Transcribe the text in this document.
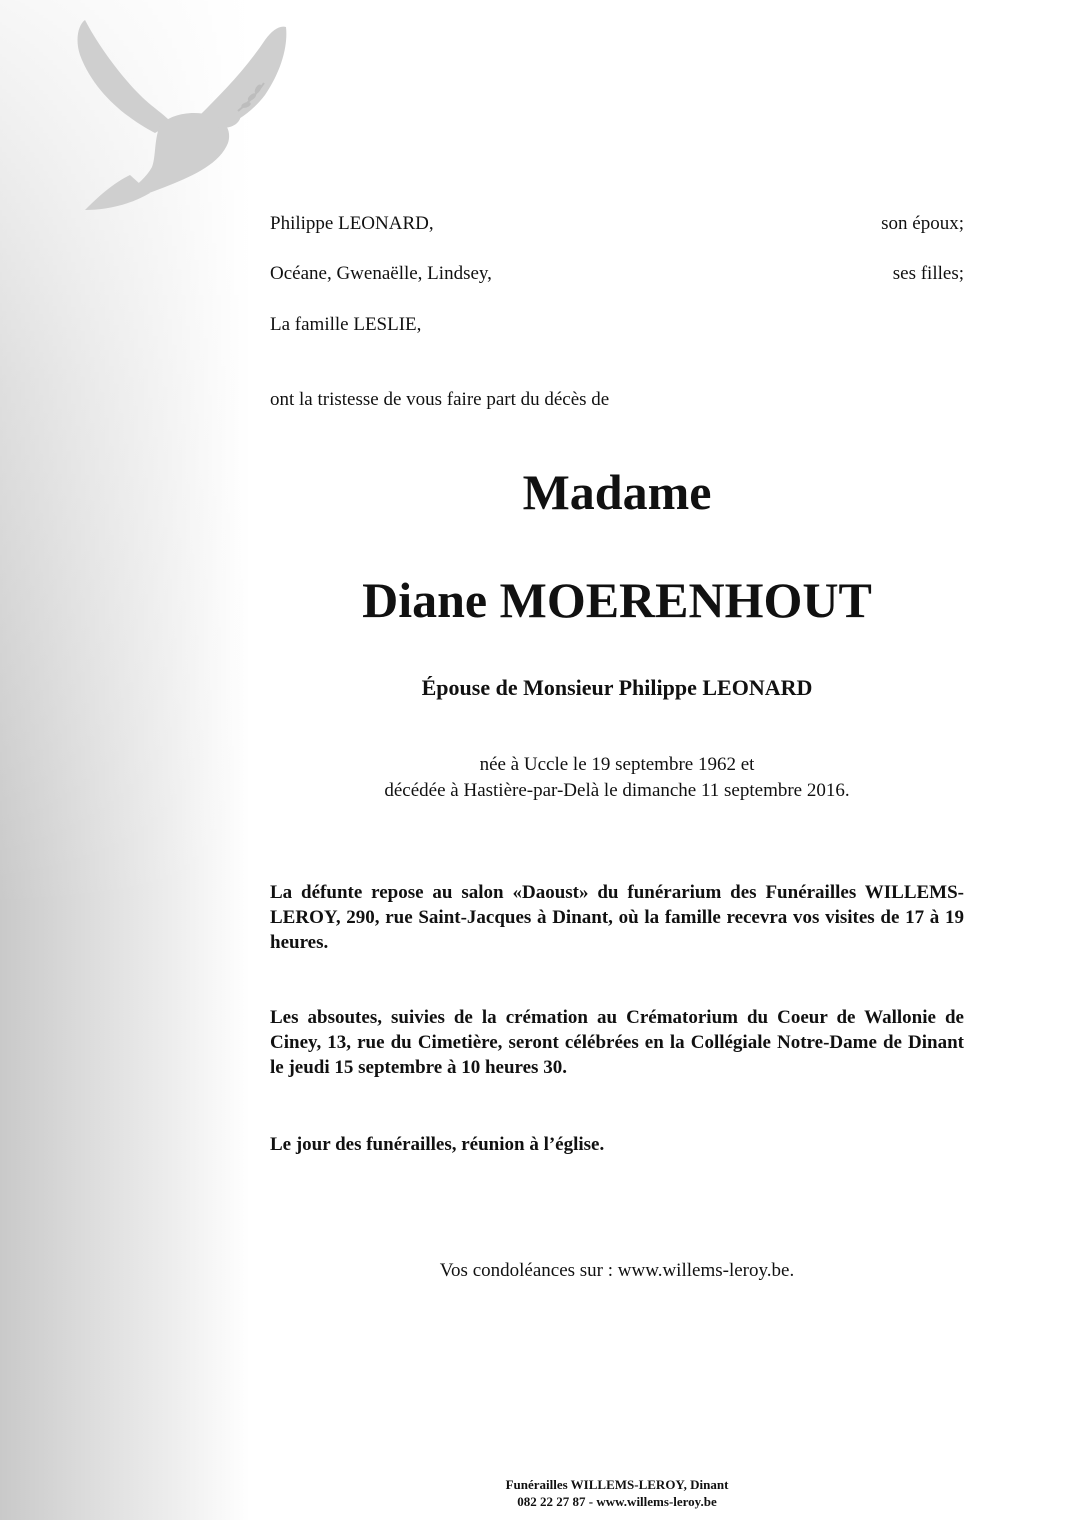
Philippe LEONARD,	son époux;
Océane, Gwenaëlle, Lindsey,	ses filles;
La famille LESLIE,
ont la tristesse de vous faire part du décès de
Madame
Diane MOERENHOUT
Épouse de Monsieur Philippe LEONARD
née à Uccle le 19 septembre 1962 et
décédée à Hastière-par-Delà le dimanche 11 septembre 2016.
La défunte repose au salon «Daoust» du funérarium des Funérailles WILLEMS-LEROY, 290, rue Saint-Jacques à Dinant, où la famille recevra vos visites de 17 à 19 heures.
Les absoutes, suivies de la crémation au Crématorium du Coeur de Wallonie de Ciney, 13, rue du Cimetière, seront célébrées en la Collégiale Notre-Dame de Dinant le jeudi 15 septembre à 10 heures 30.
Le jour des funérailles, réunion à l’église.
Vos condoléances sur : www.willems-leroy.be.
Funérailles WILLEMS-LEROY, Dinant
082 22 27 87 - www.willems-leroy.be
